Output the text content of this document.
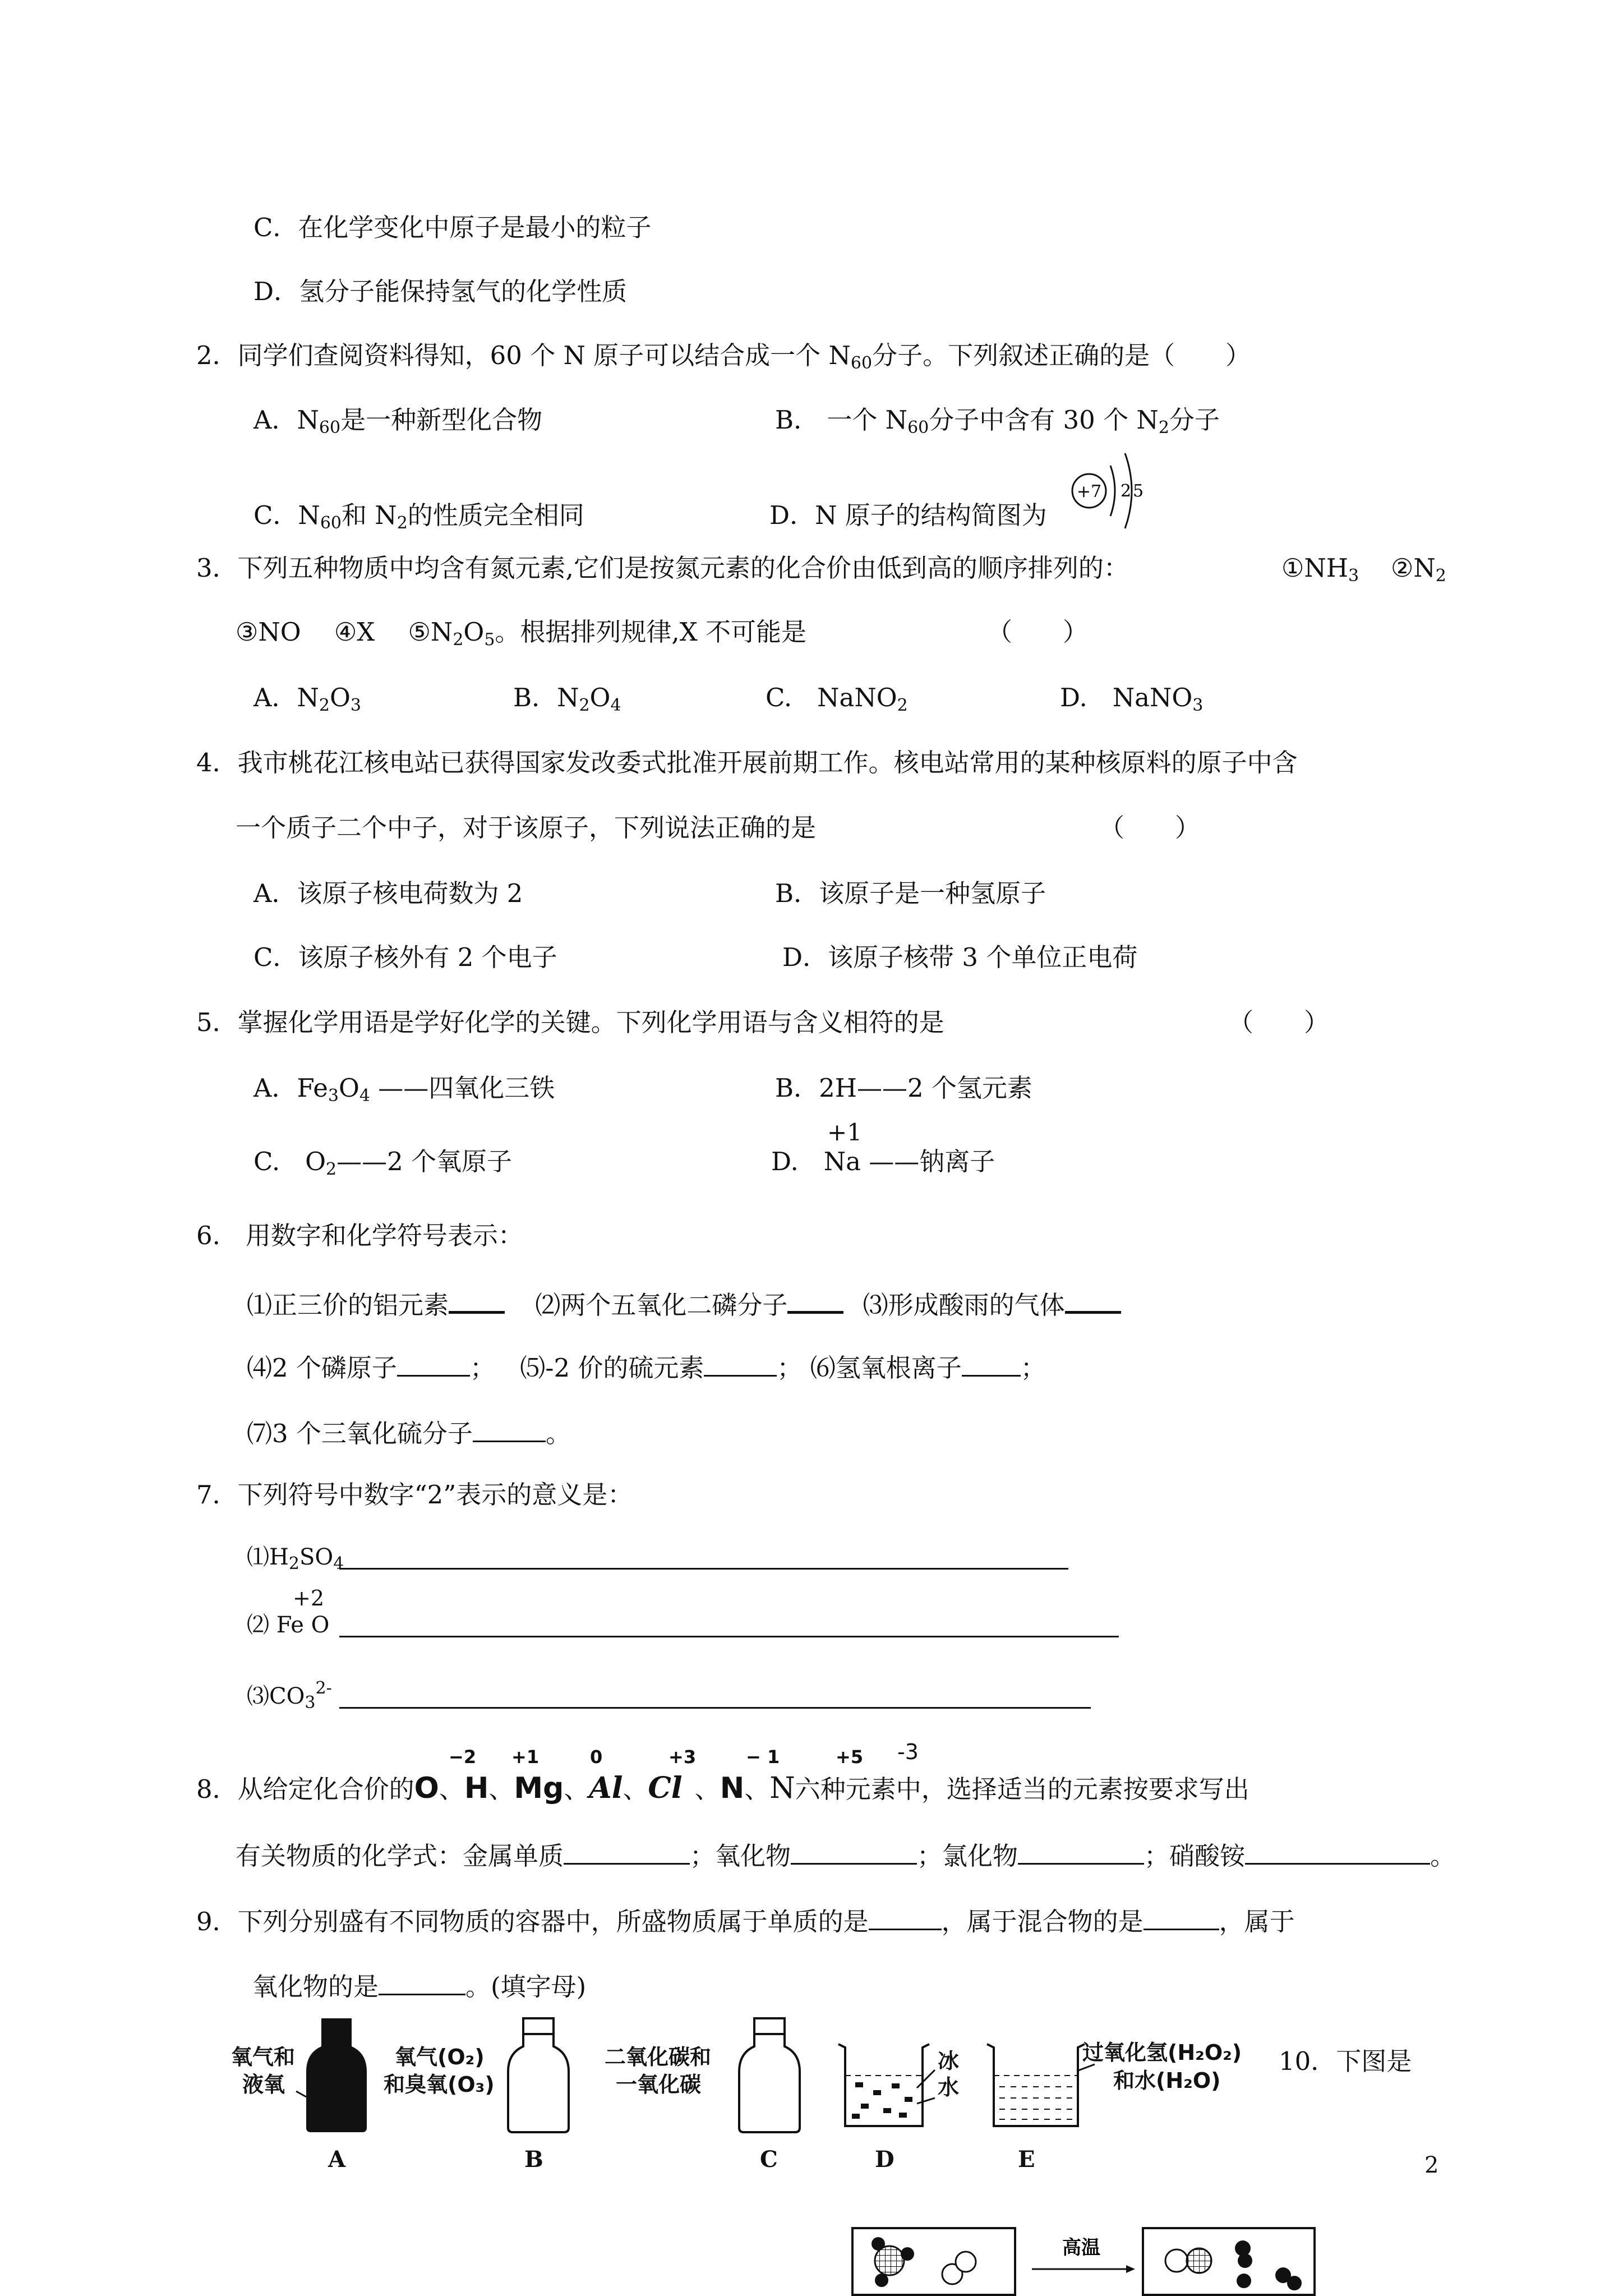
C．在化学变化中原子是最小的粒子
D．氢分子能保持氢气的化学性质
2．同学们查阅资料得知，60 个 N 原子可以结合成一个 $N_{60}$分子。下列叙述正确的是（　　）
A．$N_{60}$是一种新型化合物	B． 一个 $N_{60}$分子中含有 30 个 $N_2$分子
C．$N_{60}$和 $N_2$的性质完全相同	D．N 原子的结构简图为
+7 2 5
3．下列五种物质中均含有氮元素,它们是按氮元素的化合价由低到高的顺序排列的：	$①NH_3$ $②N_2$
③NO　 ④X　 $⑤N_2O_5$。根据排列规律,X 不可能是	（　　）
A．$N_2O_3$	B．$N_2O_4$	C.　NaNO$_2$	D.　NaNO$_3$
4．我市桃花江核电站已获得国家发改委式批准开展前期工作。核电站常用的某种核原料的原子中含
一个质子二个中子，对于该原子，下列说法正确的是	（　　）
A．该原子核电荷数为 2	B．该原子是一种氢原子
C．该原子核外有 2 个电子	D．该原子核带 3 个单位正电荷
5．掌握化学用语是学好化学的关键。下列化学用语与含义相符的是	（　　）
A．$Fe_3O_4$ ——四氧化三铁	B．2H——2 个氢元素
C.　$O_2——2$ 个氧原子	D.　Na ——钠离子
+1
6.　用数字和化学符号表示：
⑴正三价的铝元素	⑵两个五氧化二磷分子	⑶形成酸雨的气体
⑷2 个磷原子	； ⑸-2 价的硫元素	； ⑹氢氧根离子 ；
⑺3 个三氧化硫分子	。
7．下列符号中数字“2”表示的意义是：
$⑴H_2SO_4$
+2
⑵ Fe O
$⑶CO_3^{2-}$
8．从给定化合价的O、H、Mg、Al、Cl 、N、N六种元素中，选择适当的元素按要求写出
−2 +1	0	+3	− 1	+5 -3
有关物质的化学式：金属单质	；氧化物	；氯化物	；硝酸铵	。
9．下列分别盛有不同物质的容器中，所盛物质属于单质的是	，属于混合物的是	，属于
氧化物的是	。(填字母)
氧气和
液氧
A
氧气(O₂)
和臭氧(O₃)
B
二氧化碳和
一氧化碳
C
冰
水
D
过氧化氢(H₂O₂)
和水(H₂O)
E
10．下图是
2
高温
